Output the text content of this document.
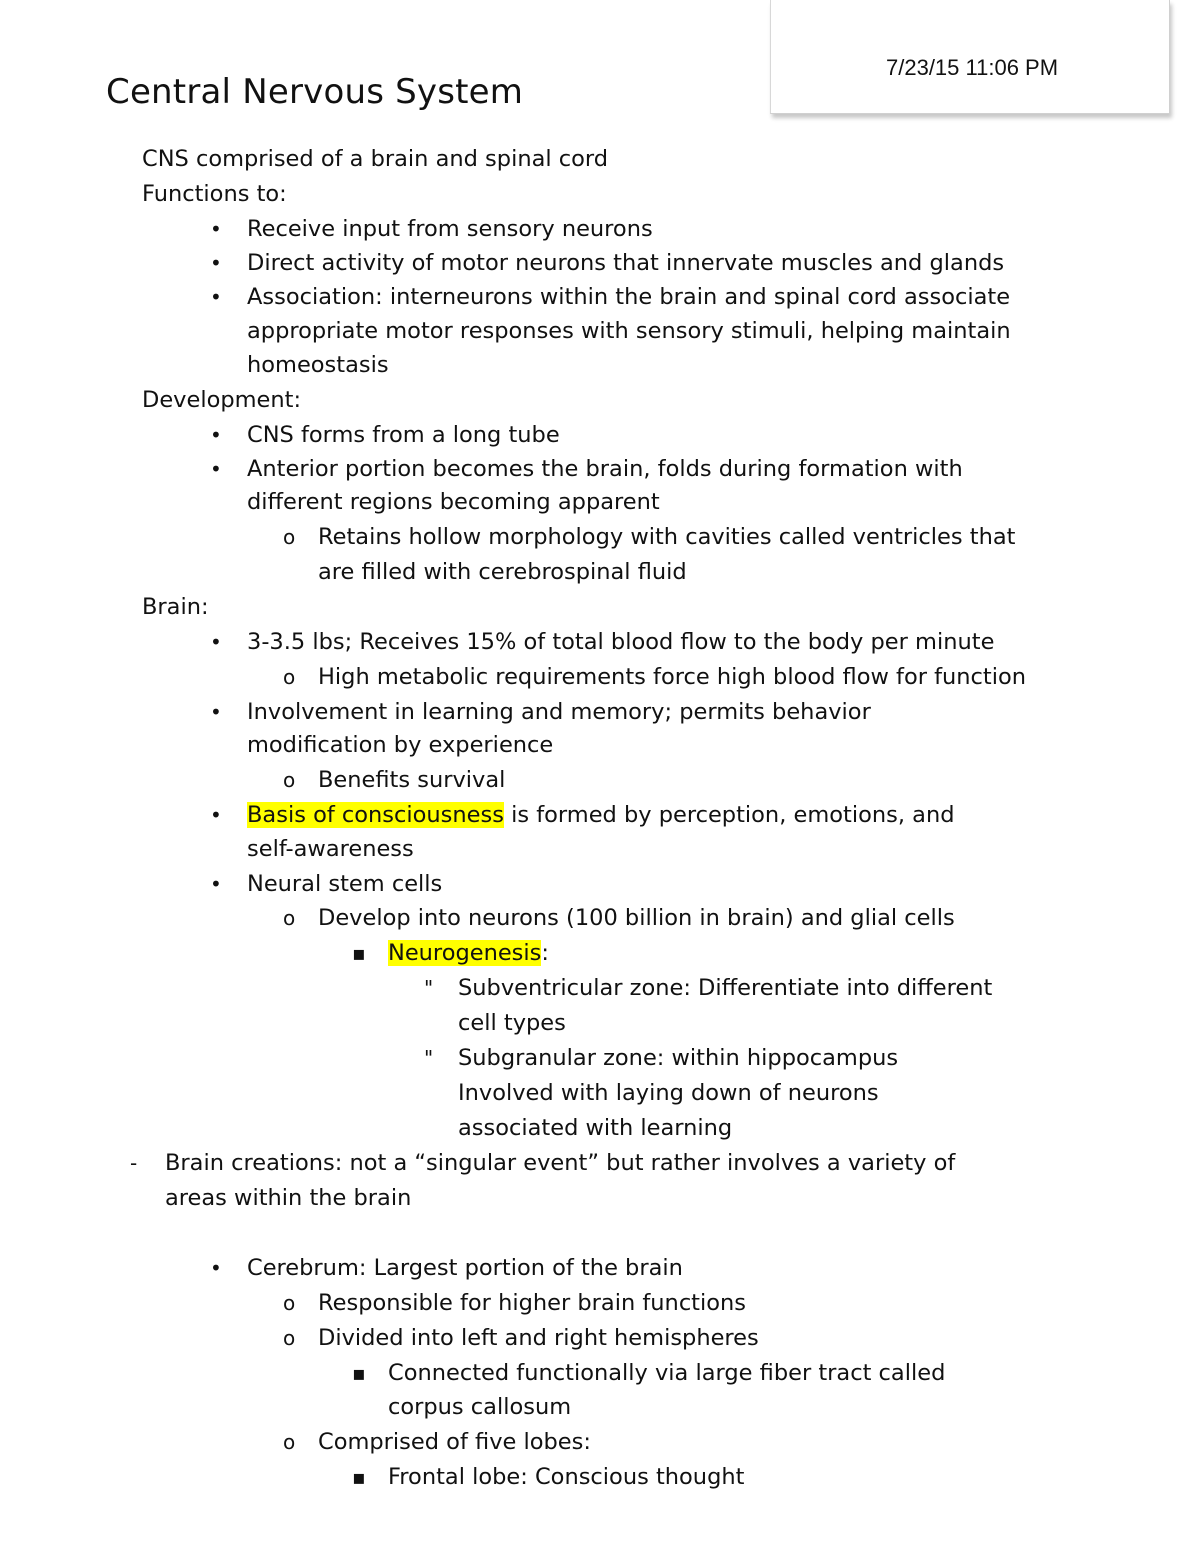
7/23/15 11:06 PM
Central Nervous System
CNS comprised of a brain and spinal cord
Functions to:
• Receive input from sensory neurons
• Direct activity of motor neurons that innervate muscles and glands
• Association: interneurons within the brain and spinal cord associate
appropriate motor responses with sensory stimuli, helping maintain
homeostasis
Development:
• CNS forms from a long tube
• Anterior portion becomes the brain, folds during formation with
different regions becoming apparent
o Retains hollow morphology with cavities called ventricles that
are filled with cerebrospinal fluid
Brain:
• 3-3.5 lbs; Receives 15% of total blood flow to the body per minute
o High metabolic requirements force high blood flow for function
• Involvement in learning and memory; permits behavior
modification by experience
o Benefits survival
• Basis of consciousness is formed by perception, emotions, and
self-awareness
• Neural stem cells
o Develop into neurons (100 billion in brain) and glial cells
▪ Neurogenesis:
" Subventricular zone: Differentiate into different
cell types
" Subgranular zone: within hippocampus
Involved with laying down of neurons
associated with learning
- Brain creations: not a “singular event” but rather involves a variety of
areas within the brain
• Cerebrum: Largest portion of the brain
o Responsible for higher brain functions
o Divided into left and right hemispheres
▪ Connected functionally via large fiber tract called
corpus callosum
o Comprised of five lobes:
▪ Frontal lobe: Conscious thought
